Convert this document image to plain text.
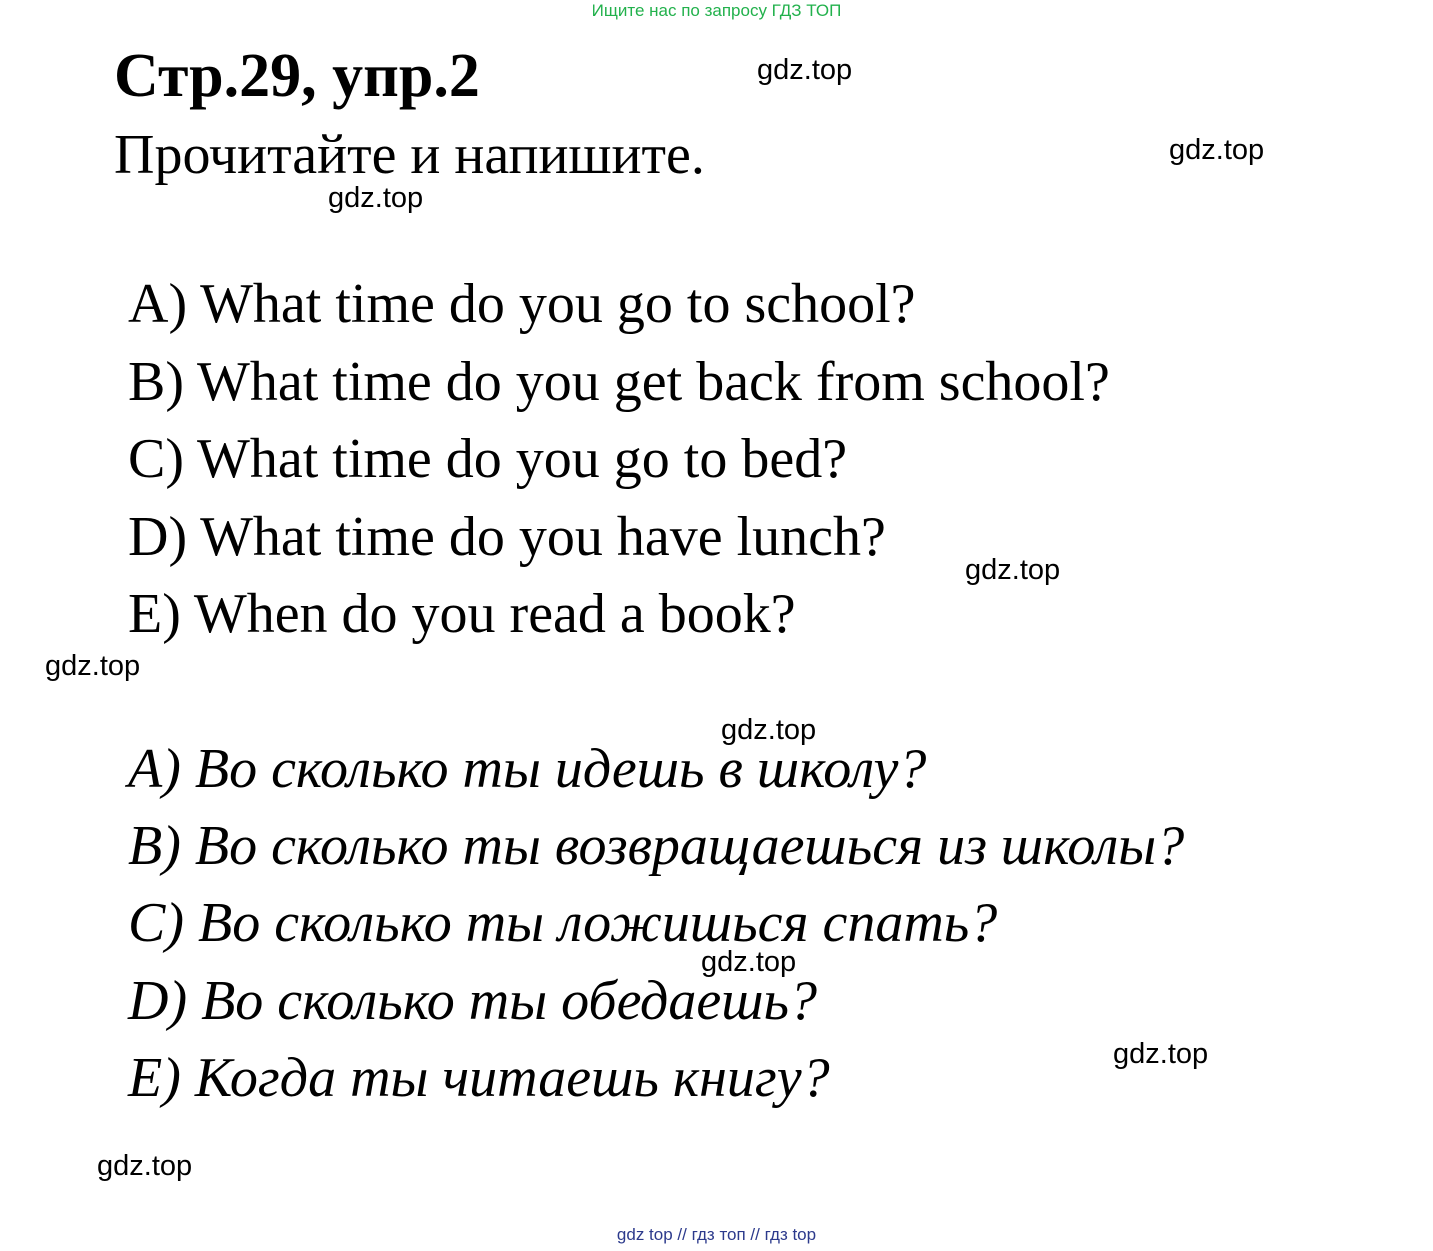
Ищите нас по запросу ГДЗ ТОП
Стр.29, упр.2
Прочитайте и напишите.
A) What time do you go to school?
B) What time do you get back from school?
C) What time do you go to bed?
D) What time do you have lunch?
E) When do you read a book?
A) Во сколько ты идешь в школу?
B) Во сколько ты возвращаешься из школы?
C) Во сколько ты ложишься спать?
D) Во сколько ты обедаешь?
E) Когда ты читаешь книгу?
gdz.top
gdz.top
gdz.top
gdz.top
gdz.top
gdz.top
gdz.top
gdz.top
gdz.top
gdz top // гдз топ // гдз top
